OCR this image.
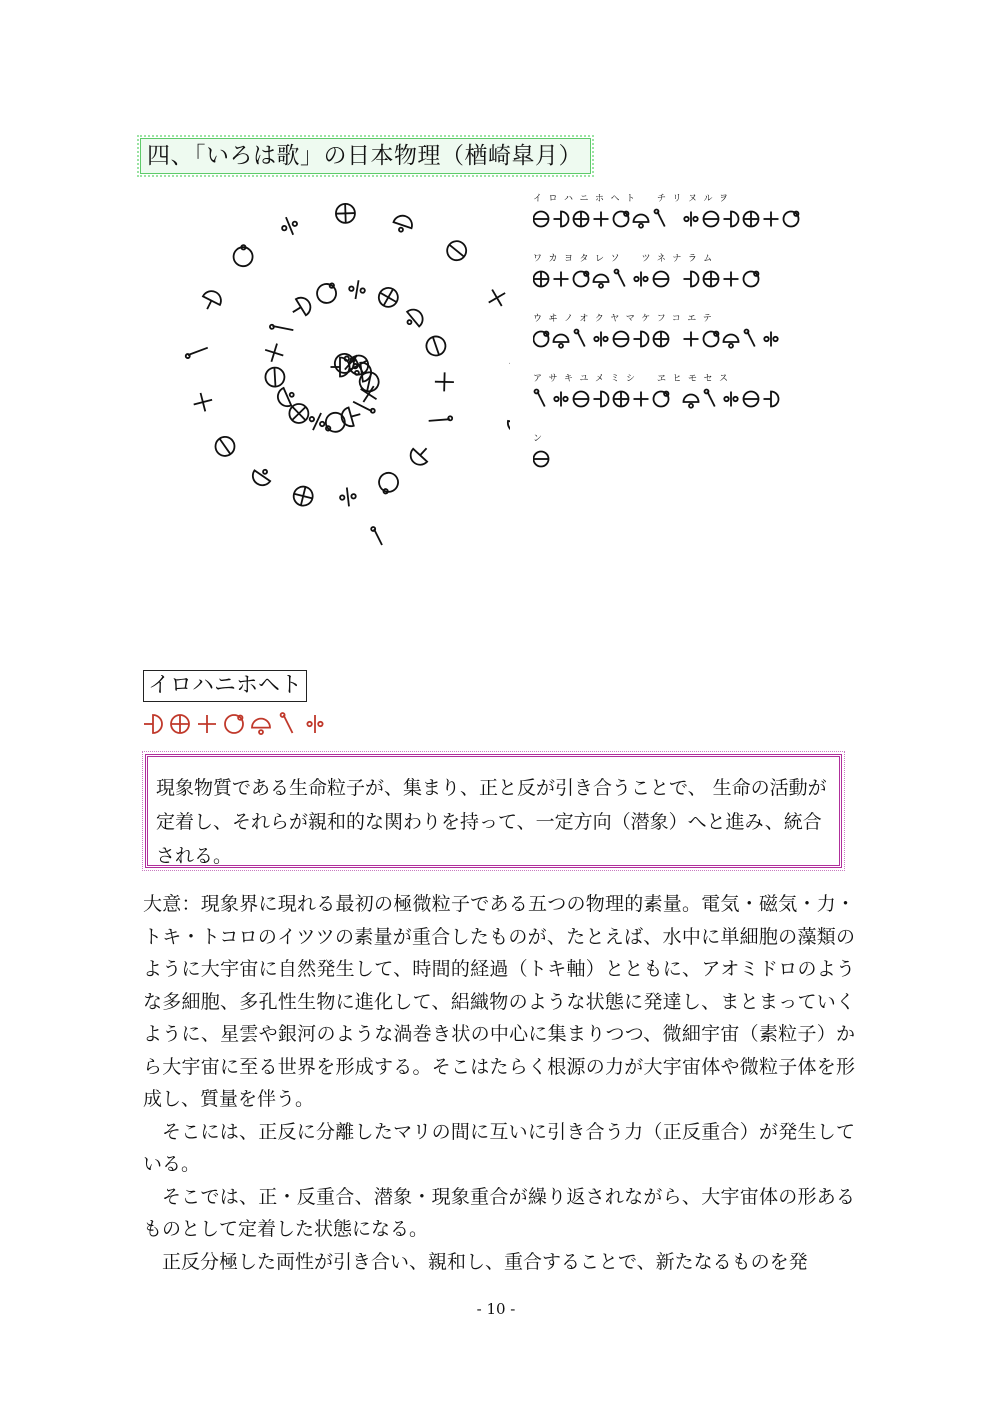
四、「いろは歌」の日本物理（楢崎皐月）
イロハニホヘト　チリヌルヲ
ワカヨタレソ　ツネナラム
ウヰノオクヤマケフコエテ
アサキユメミシ　ヱヒモセス
ン
イロハニホヘト
現象物質である生命粒子が、集まり、正と反が引き合うことで、 生命の活動が定着し、それらが親和的な関わりを持って、一定方向（潜象）へと進み、統合される。

大意：現象界に現れる最初の極微粒子である五つの物理的素量。電気・磁気・力・トキ・トコロのイツツの素量が重合したものが、たとえば、水中に単細胞の藻類のように大宇宙に自然発生して、時間的経過（トキ軸）とともに、アオミドロのような多細胞、多孔性生物に進化して、絽織物のような状態に発達し、まとまっていくように、星雲や銀河のような渦巻き状の中心に集まりつつ、微細宇宙（素粒子）から大宇宙に至る世界を形成する。そこはたらく根源の力が大宇宙体や微粒子体を形成し、質量を伴う。

そこには、正反に分離したマリの間に互いに引き合う力（正反重合）が発生している。

そこでは、正・反重合、潜象・現象重合が繰り返されながら、大宇宙体の形あるものとして定着した状態になる。

正反分極した両性が引き合い、親和し、重合することで、新たなるものを発

- 10 -
